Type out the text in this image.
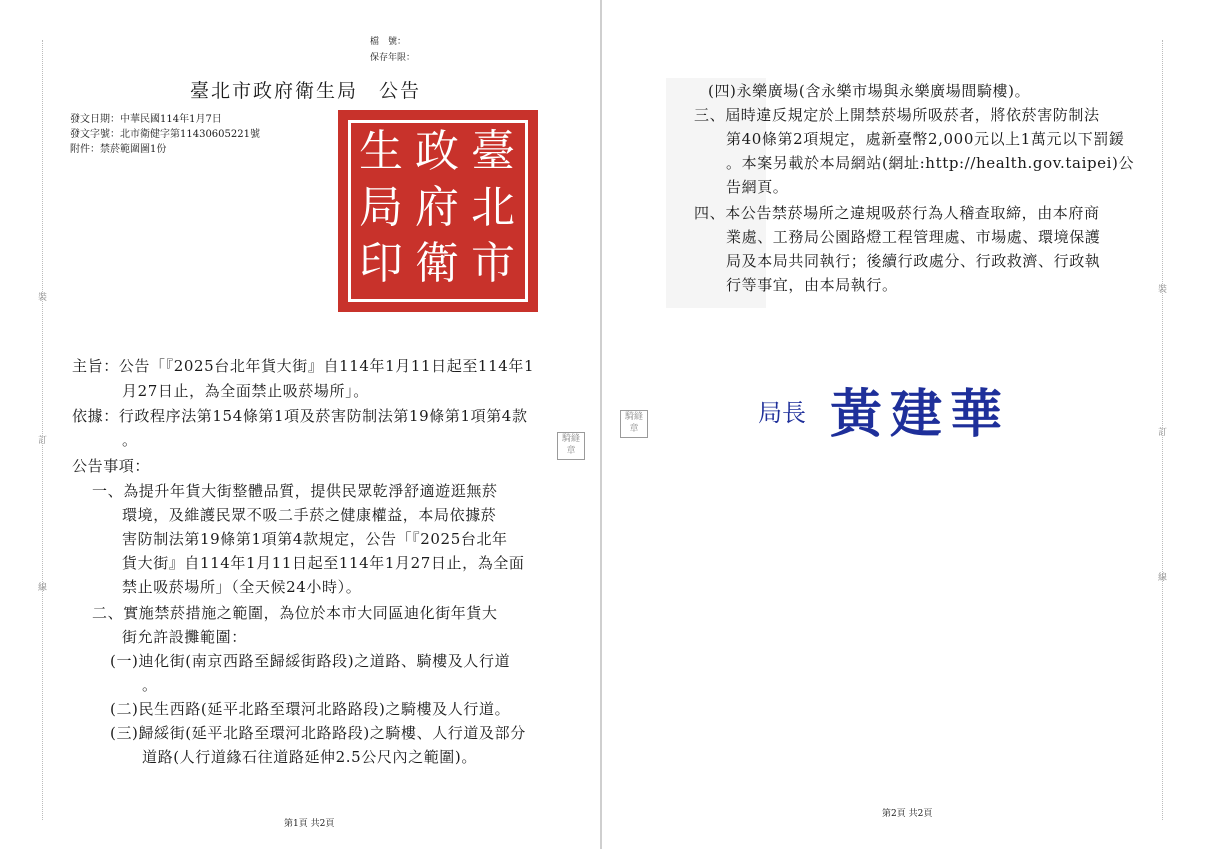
裝
訂
線
檔　號：
保存年限：
臺北市政府衛生局　公告
發文日期：中華民國114年1月7日
發文字號：北市衛健字第11430605221號
附件：禁菸範圍圖1份	臺北市
政府衛
生局印
主旨：公告「『2025台北年貨大街』自114年1月11日起至114年1
月27日止，為全面禁止吸菸場所」。
依據：行政程序法第154條第1項及菸害防制法第19條第1項第4款
。	騎縫
章
公告事項：
一、為提升年貨大街整體品質，提供民眾乾淨舒適遊逛無菸
環境，及維護民眾不吸二手菸之健康權益，本局依據菸
害防制法第19條第1項第4款規定，公告「『2025台北年
貨大街』自114年1月11日起至114年1月27日止，為全面
禁止吸菸場所」（全天候24小時）。
二、實施禁菸措施之範圍，為位於本市大同區迪化街年貨大
街允許設攤範圍：
(一)迪化街(南京西路至歸綏街路段)之道路、騎樓及人行道
。
(二)民生西路(延平北路至環河北路路段)之騎樓及人行道。
(三)歸綏街(延平北路至環河北路路段)之騎樓、人行道及部分
道路(人行道緣石往道路延伸2.5公尺內之範圍)。
第1頁 共2頁
騎縫
章
裝
訂
線
(四)永樂廣場(含永樂市場與永樂廣場間騎樓)。
三、屆時違反規定於上開禁菸場所吸菸者，將依菸害防制法
第40條第2項規定，處新臺幣2,000元以上1萬元以下罰鍰
。本案另載於本局網站(網址:http://health.gov.taipei)公
告網頁。
四、本公告禁菸場所之違規吸菸行為人稽查取締，由本府商
業處、工務局公園路燈工程管理處、市場處、環境保護
局及本局共同執行；後續行政處分、行政救濟、行政執
行等事宜，由本局執行。
局長 黃建華
第2頁 共2頁
